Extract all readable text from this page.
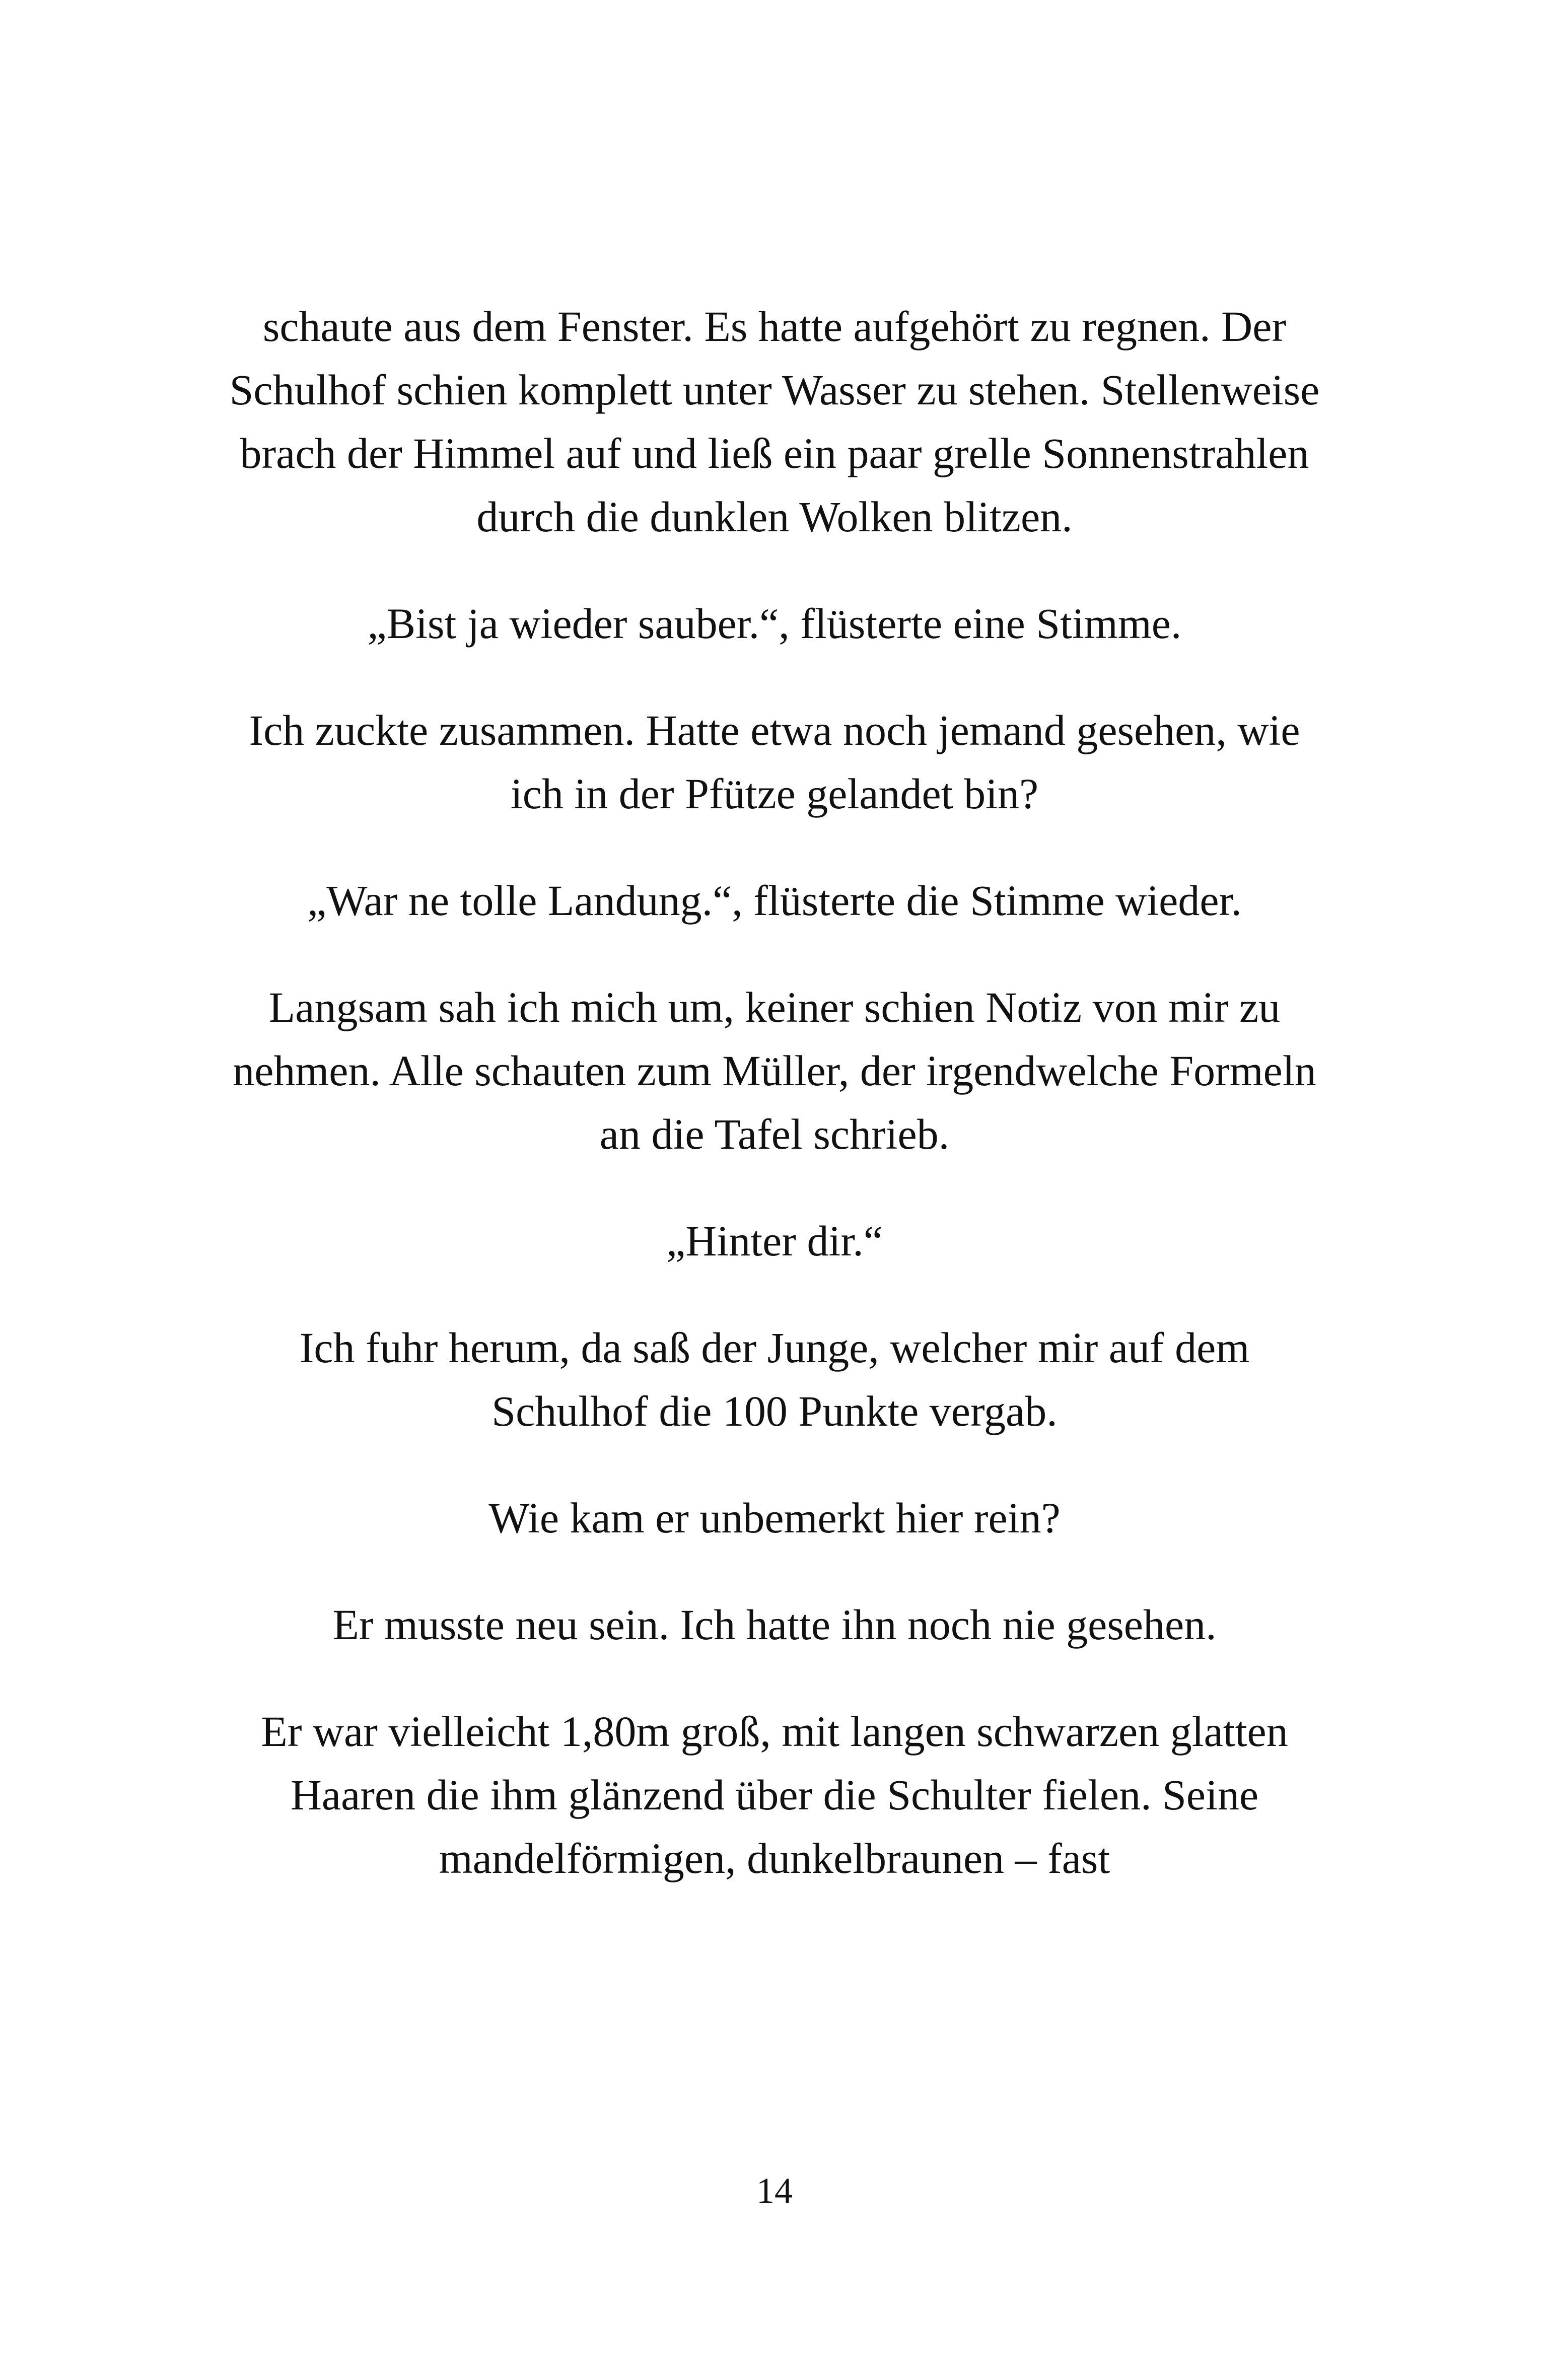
schaute aus dem Fenster. Es hatte aufgehört zu regnen. Der Schulhof schien komplett unter Wasser zu stehen. Stellenweise brach der Himmel auf und ließ ein paar grelle Sonnenstrahlen durch die dunklen Wolken blitzen.

„Bist ja wieder sauber.“, flüsterte eine Stimme.

Ich zuckte zusammen. Hatte etwa noch jemand gesehen, wie ich in der Pfütze gelandet bin?

„War ne tolle Landung.“, flüsterte die Stimme wieder.

Langsam sah ich mich um, keiner schien Notiz von mir zu nehmen. Alle schauten zum Müller, der irgendwelche Formeln an die Tafel schrieb.

„Hinter dir.“

Ich fuhr herum, da saß der Junge, welcher mir auf dem Schulhof die 100 Punkte vergab.

Wie kam er unbemerkt hier rein?

Er musste neu sein. Ich hatte ihn noch nie gesehen.

Er war vielleicht 1,80m groß, mit langen schwarzen glatten Haaren die ihm glänzend über die Schulter fielen. Seine mandelförmigen, dunkelbraunen – fast

14
